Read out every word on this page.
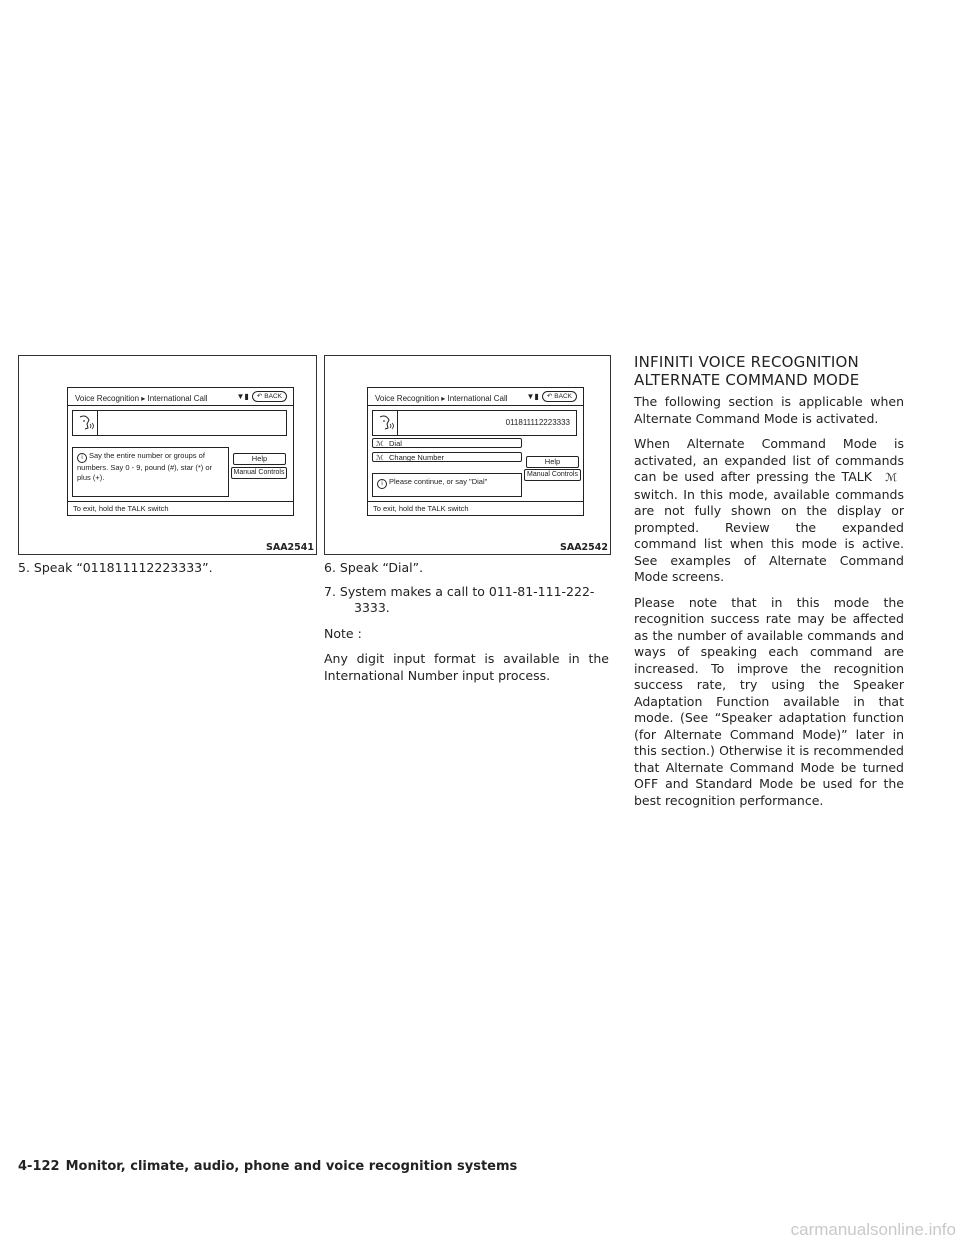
Voice Recognition ▸ International Call	▼▮ ↶ BACK
i Say the entire number or groups of numbers. Say 0 - 9, pound (#), star (*) or plus (+).
Help
Manual Controls
To exit, hold the TALK switch
SAA2541
Voice Recognition ▸ International Call ▼▮ ↶ BACK
011811112223333
ℳ Dial
ℳ Change Number
i Please continue, or say "Dial"
Help
Manual Controls
To exit, hold the TALK switch
SAA2542
5. Speak “011811112223333”.	6. Speak “Dial”.
7. System makes a call to 011-81-111-222-
3333.

Note :

Any digit input format is available in the International Number input process.

INFINITI VOICE RECOGNITION
ALTERNATE COMMAND MODE

The following section is applicable when Alternate Command Mode is activated.

When Alternate Command Mode is activated, an expanded list of commands can be used after pressing the TALK ℳ switch. In this mode, available commands are not fully shown on the display or prompted. Review the expanded command list when this mode is active. See examples of Alternate Command Mode screens.

Please note that in this mode the recognition success rate may be affected as the number of available commands and ways of speaking each command are increased. To improve the recognition success rate, try using the Speaker Adaptation Function available in that mode. (See “Speaker adaptation function (for Alternate Command Mode)” later in this section.) Otherwise it is recommended that Alternate Command Mode be turned OFF and Standard Mode be used for the best recognition performance.

4-122 Monitor, climate, audio, phone and voice recognition systems
carmanualsonline.info
